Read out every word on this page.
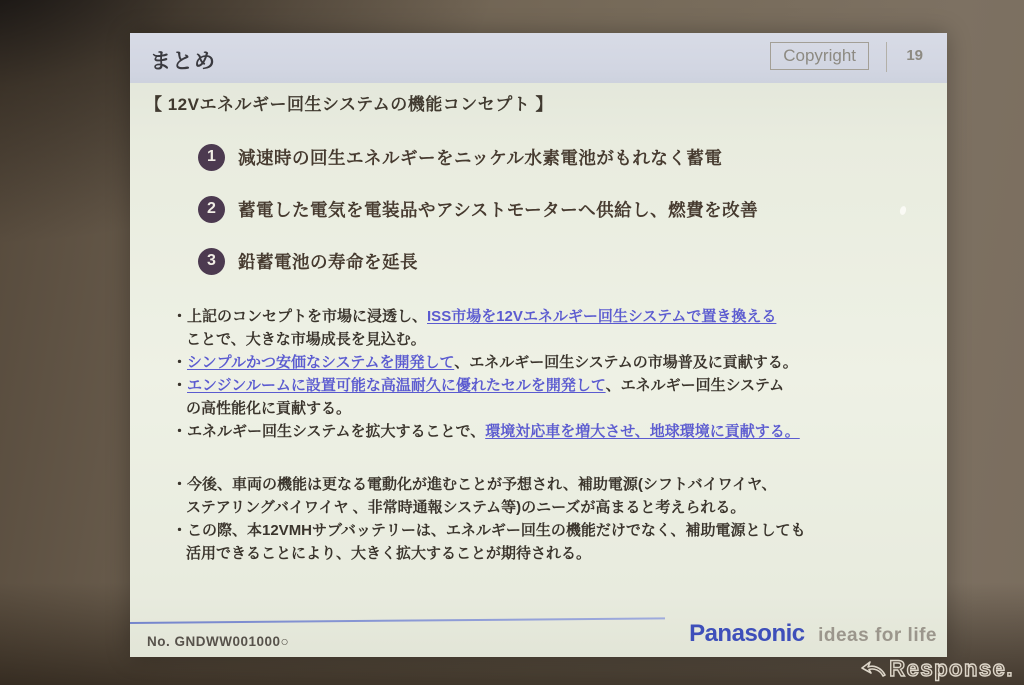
まとめ	Copyright	19
【 12Vエネルギー回生システムの機能コンセプト 】
1	減速時の回生エネルギーをニッケル水素電池がもれなく蓄電
2	蓄電した電気を電装品やアシストモーターへ供給し、燃費を改善
3	鉛蓄電池の寿命を延長
・上記のコンセプトを市場に浸透し、ISS市場を12Vエネルギー回生システムで置き換える
ことで、大きな市場成長を見込む。
・シンプルかつ安価なシステムを開発して、エネルギー回生システムの市場普及に貢献する。
・エンジンルームに設置可能な高温耐久に優れたセルを開発して、エネルギー回生システム
の高性能化に貢献する。
・エネルギー回生システムを拡大することで、環境対応車を増大させ、地球環境に貢献する。
・今後、車両の機能は更なる電動化が進むことが予想され、補助電源(シフトバイワイヤ、
ステアリングバイワイヤ 、非常時通報システム等)のニーズが高まると考えられる。
・この際、本12VMHサブバッテリーは、エネルギー回生の機能だけでなく、補助電源としても
活用できることにより、大きく拡大することが期待される。
No. GNDWW001000○	Panasonic ideas for life
Response.
